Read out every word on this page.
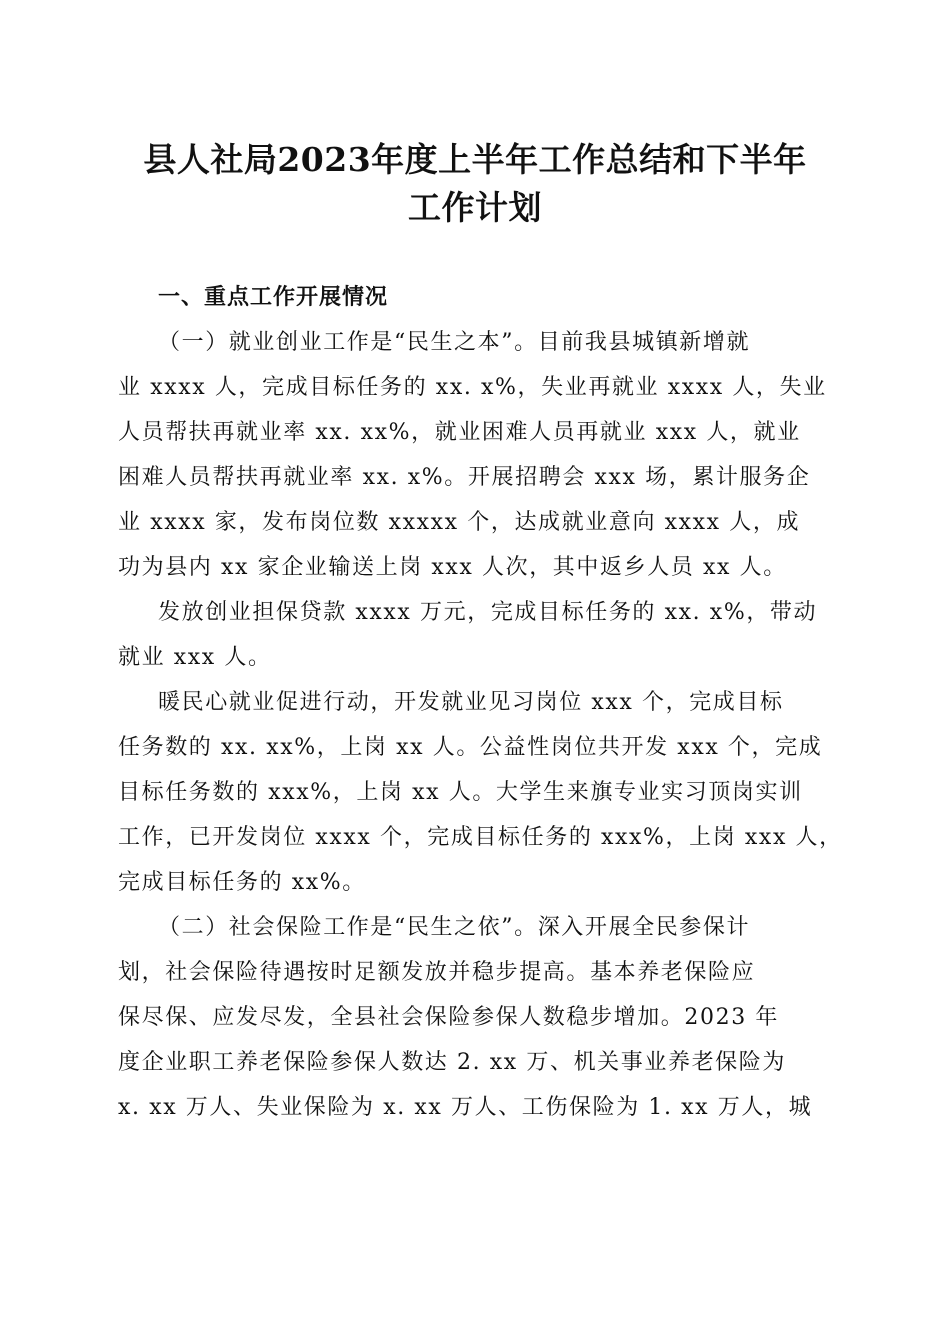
县人社局2023年度上半年工作总结和下半年
工作计划
一、重点工作开展情况
（一）就业创业工作是“民生之本”。目前我县城镇新增就
业 xxxx 人，完成目标任务的 xx. x%，失业再就业 xxxx 人，失业
人员帮扶再就业率 xx. xx%，就业困难人员再就业 xxx 人，就业
困难人员帮扶再就业率 xx. x%。开展招聘会 xxx 场，累计服务企
业 xxxx 家，发布岗位数 xxxxx 个，达成就业意向 xxxx 人，成
功为县内 xx 家企业输送上岗 xxx 人次，其中返乡人员 xx 人。
发放创业担保贷款 xxxx 万元，完成目标任务的 xx. x%，带动
就业 xxx 人。
暖民心就业促进行动，开发就业见习岗位 xxx 个，完成目标
任务数的 xx. xx%，上岗 xx 人。公益性岗位共开发 xxx 个，完成
目标任务数的 xxx%，上岗 xx 人。大学生来旗专业实习顶岗实训
工作，已开发岗位 xxxx 个，完成目标任务的 xxx%，上岗 xxx 人，
完成目标任务的 xx%。
（二）社会保险工作是“民生之依”。深入开展全民参保计
划，社会保险待遇按时足额发放并稳步提高。基本养老保险应
保尽保、应发尽发，全县社会保险参保人数稳步增加。2023 年
度企业职工养老保险参保人数达 2. xx 万、机关事业养老保险为
x. xx 万人、失业保险为 x. xx 万人、工伤保险为 1. xx 万人，城
